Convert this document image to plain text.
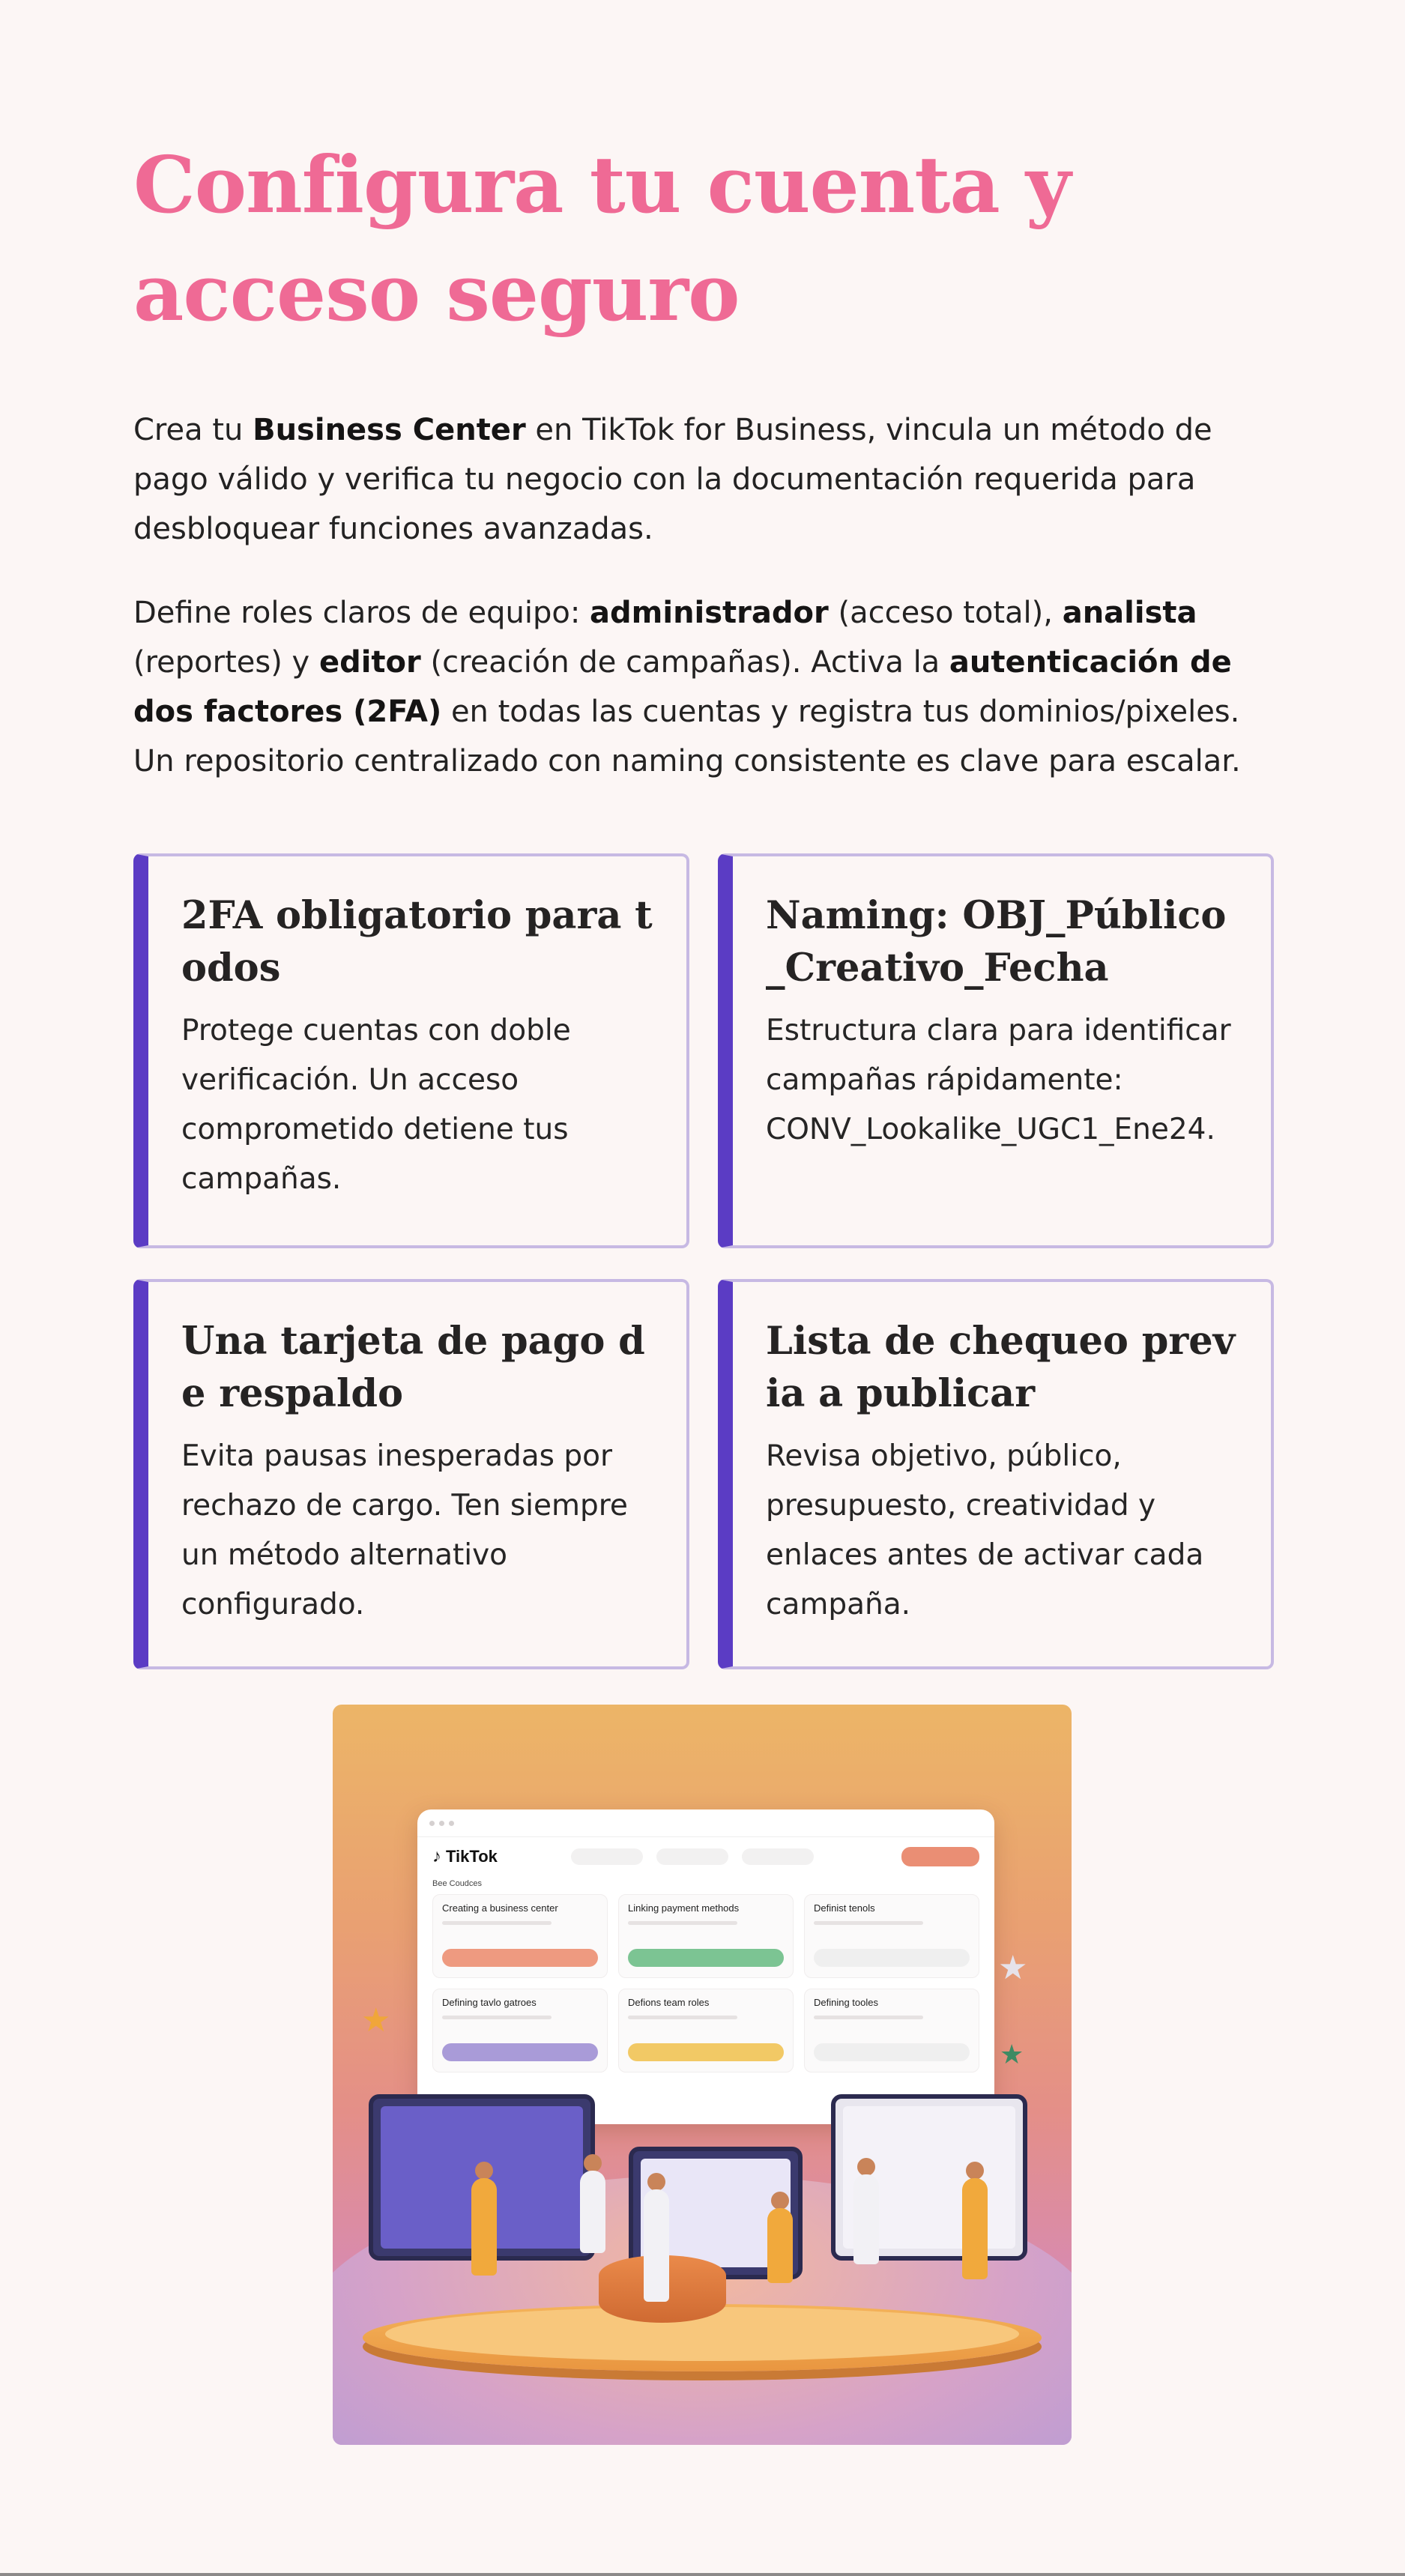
Configura tu cuenta y acceso seguro

Crea tu Business Center en TikTok for Business, vincula un método de pago válido y verifica tu negocio con la documentación requerida para desbloquear funciones avanzadas.

Define roles claros de equipo: administrador (acceso total), analista (reportes) y editor (creación de campañas). Activa la autenticación de dos factores (2FA) en todas las cuentas y registra tus dominios/pixeles. Un repositorio centralizado con naming consistente es clave para escalar.

2FA obligatorio para todos

Protege cuentas con doble verificación. Un acceso comprometido detiene tus campañas.

Naming: OBJ_Público_Creativo_Fecha

Estructura clara para identificar campañas rápidamente: CONV_Lookalike_UGC1_Ene24.

Una tarjeta de pago de respaldo

Evita pausas inesperadas por rechazo de cargo. Ten siempre un método alternativo configurado.

Lista de chequeo previa a publicar

Revisa objetivo, público, presupuesto, creatividad y enlaces antes de activar cada campaña.

♪ TikTok
Bee Coudces
Creating a business center	Linking payment methods	Definist tenols
Defining tavlo gatroes	Defions team roles	Defining tooles
★
★
★
